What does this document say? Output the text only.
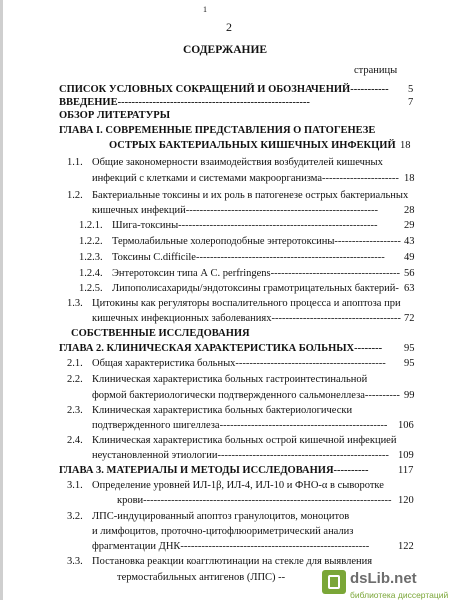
1
2
СОДЕРЖАНИЕ
страницы
СПИСОК УСЛОВНЫХ СОКРАЩЕНИЙ И ОБОЗНАЧЕНИЙ----------- 5
ВВЕДЕНИЕ-------------------------------------------------------	7
ОБЗОР ЛИТЕРАТУРЫ
ГЛАВА I. СОВРЕМЕННЫЕ ПРЕДСТАВЛЕНИЯ О ПАТОГЕНЕЗЕ
ОСТРЫХ БАКТЕРИАЛЬНЫХ КИШЕЧНЫХ ИНФЕКЦИЙ 18
1.1. Общие закономерности взаимодействия возбудителей кишечных
инфекций с клетками и системами макроорганизма---------------------- 18
1.2. Бактериальные токсины и их роль в патогенезе острых бактериальных
кишечных инфекций------------------------------------------------------- 28
1.2.1. Шига-токсины---------------------------------------------------------	29
1.2.2. Термолабильные холероподобные энтеротоксины------------------- 43
1.2.3. Токсины C.difficile------------------------------------------------------ 49
1.2.4. Энтеротоксин типа А C. perfringens------------------------------------- 56
1.2.5. Липополисахариды/эндотоксины грамотрицательных бактерий- 63
1.3. Цитокины как регуляторы воспалительного процесса и апоптоза при
кишечных инфекционных заболеваниях------------------------------------- 72
СОБСТВЕННЫЕ ИССЛЕДОВАНИЯ
ГЛАВА 2. КЛИНИЧЕСКАЯ ХАРАКТЕРИСТИКА БОЛЬНЫХ-------- 95
2.1. Общая характеристика больных------------------------------------------- 95
2.2. Клиническая характеристика больных гастроинтестинальной
формой бактериологически подтвержденного сальмонеллеза---------- 99
2.3. Клиническая характеристика больных бактериологически
подтвержденного шигеллеза------------------------------------------------ 106
2.4. Клиническая характеристика больных острой кишечной инфекцией
неустановленной этиологии------------------------------------------------- 109
ГЛАВА 3. МАТЕРИАЛЫ И МЕТОДЫ ИССЛЕДОВАНИЯ----------	117
3.1. Определение уровней ИЛ-1β, ИЛ-4, ИЛ-10 и ФНО-α в сыворотке
крови----------------------------------------------------------------------- 120
3.2. ЛПС-индуцированный апоптоз гранулоцитов, моноцитов
и лимфоцитов, проточно-цитофлюориметрический анализ
фрагментации ДНК------------------------------------------------------	122
3.3. Постановка реакции коагглютинации на стекле для выявления
термостабильных антигенов (ЛПС) --	dsLib.net
библиотека диссертаций
